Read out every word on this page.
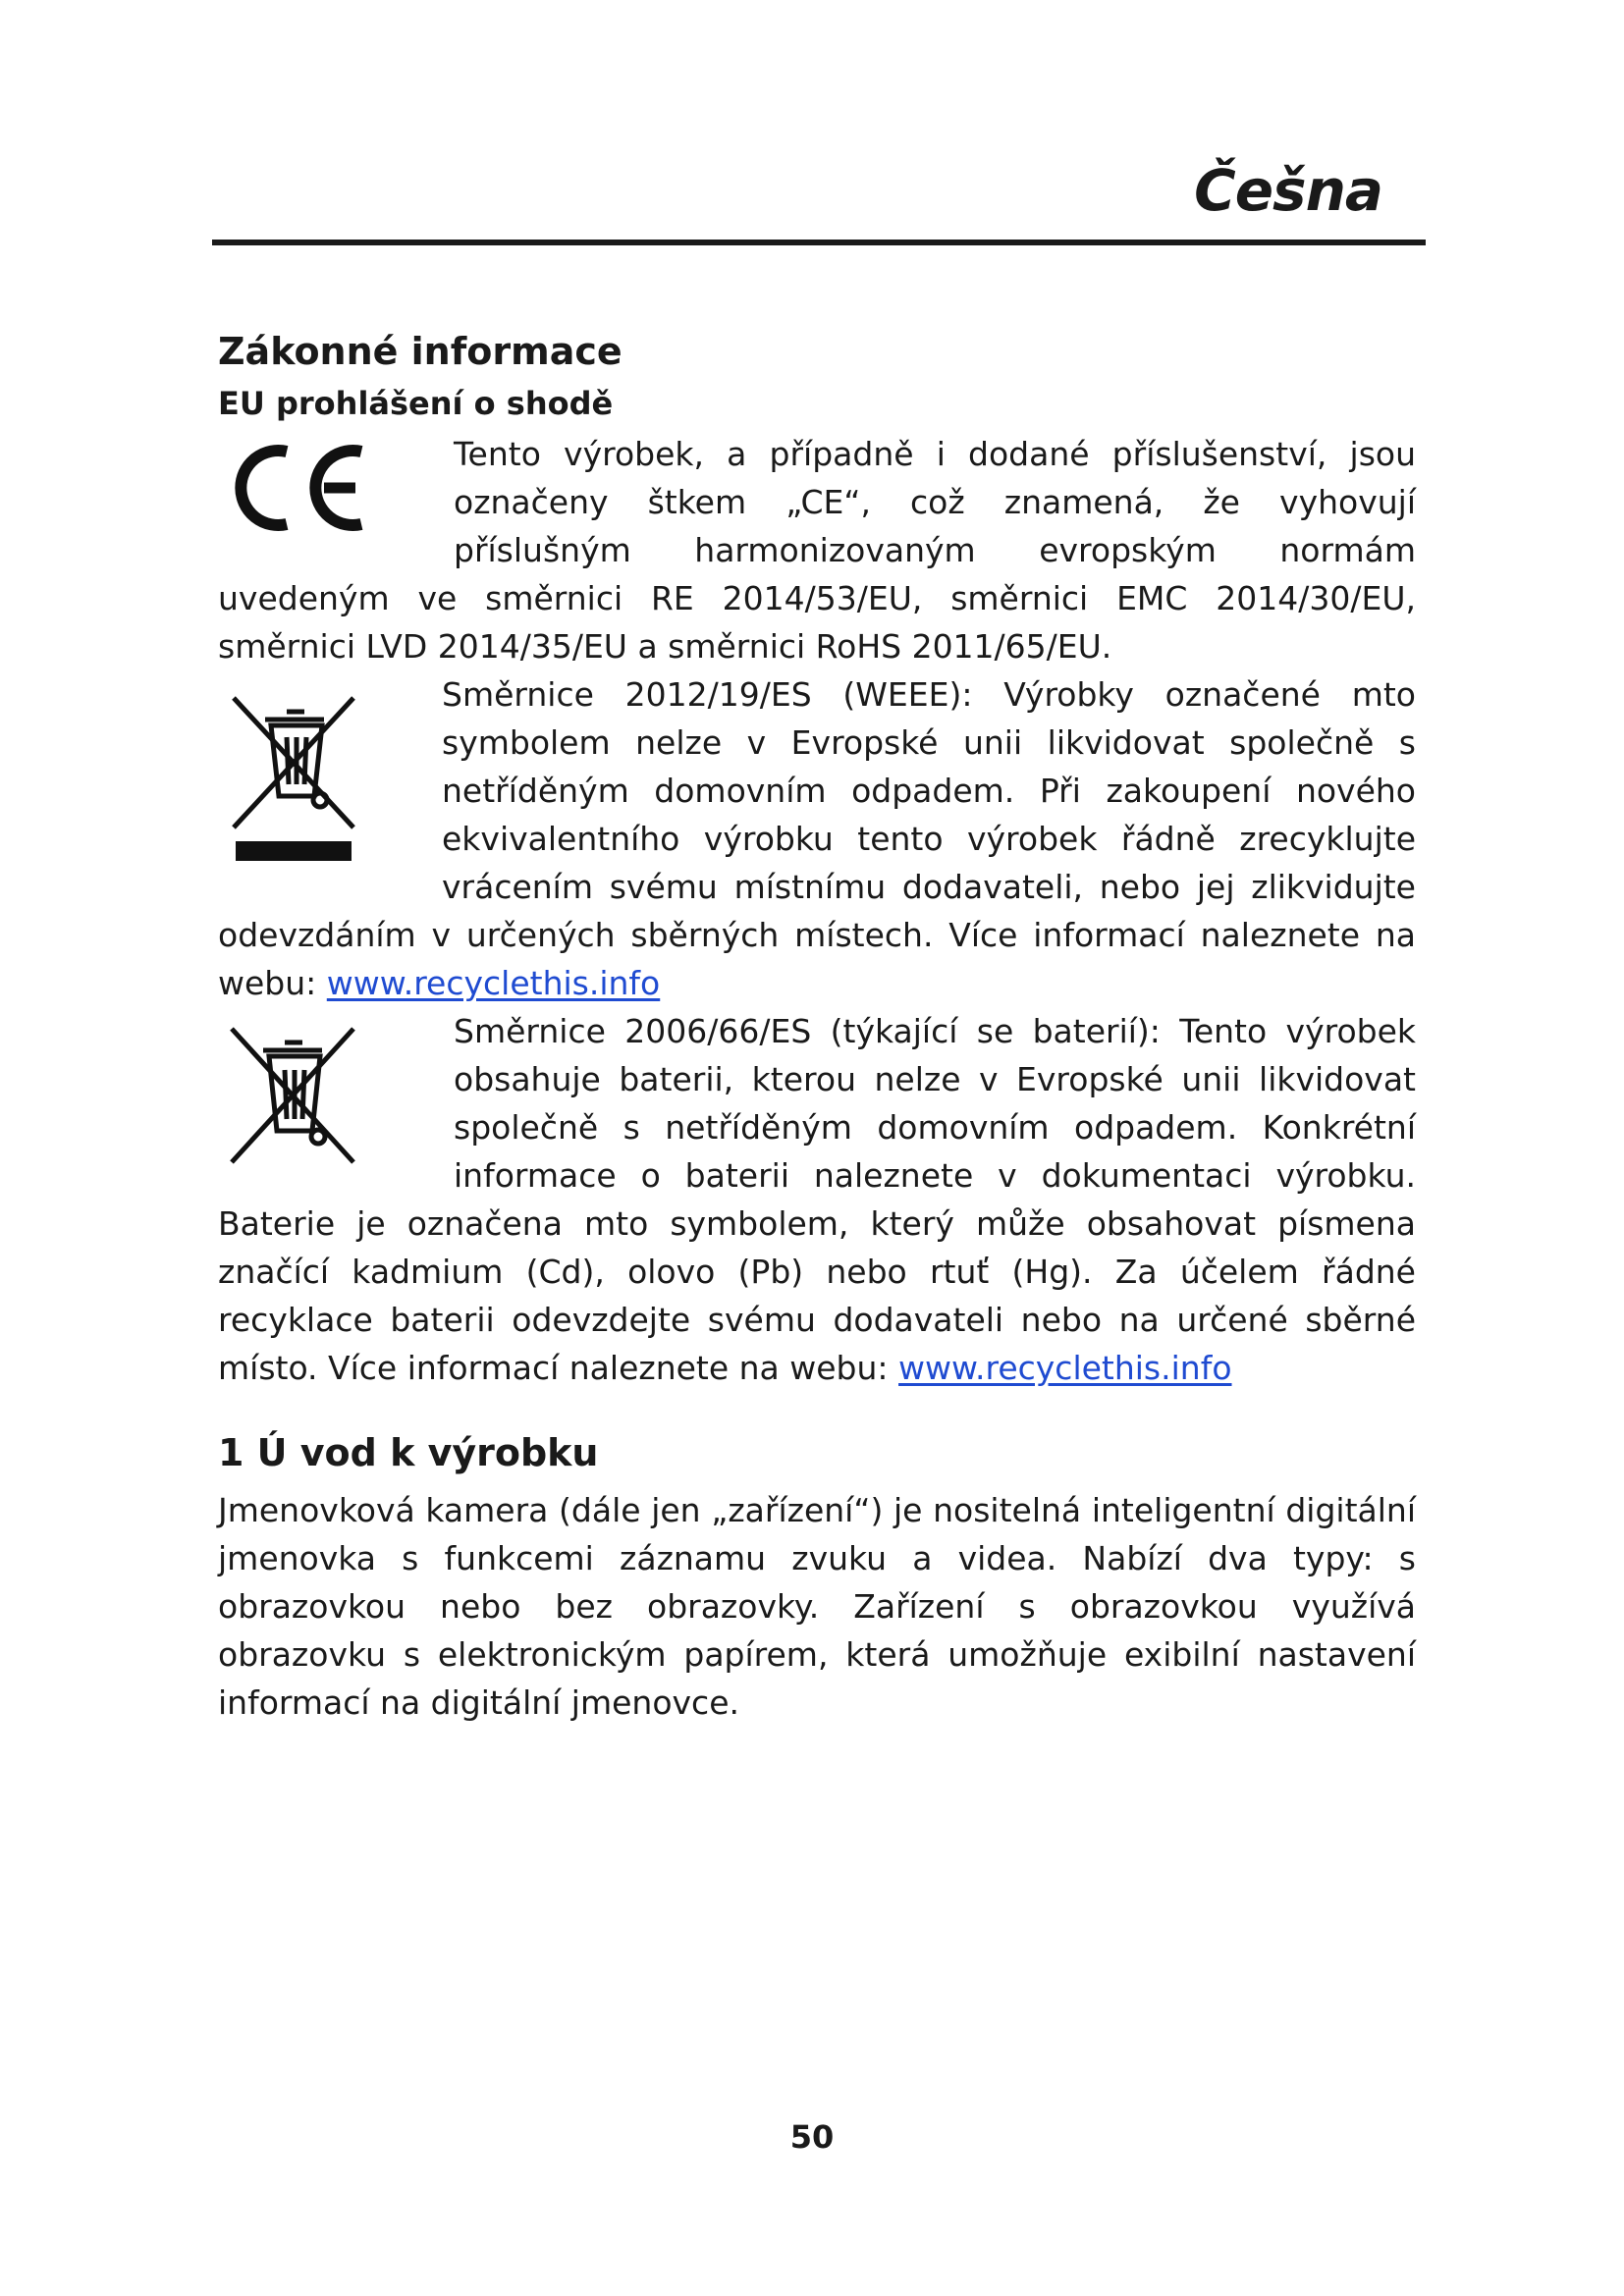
Češna
Zákonné informace
EU prohlášení o shodě

Tento výrobek, a případně i dodané příslušenství, jsou označeny štkem „CE“, což znamená, že vyhovují příslušným harmonizovaným evropským normám uvedeným ve směrnici RE 2014/53/EU, směrnici EMC 2014/30/EU, směrnici LVD 2014/35/EU a směrnici RoHS 2011/65/EU.

Směrnice 2012/19/ES (WEEE): Výrobky označené mto symbolem nelze v Evropské unii likvidovat společně s netříděným domovním odpadem. Při zakoupení nového ekvivalentního výrobku tento výrobek řádně zrecyklujte vrácením svému místnímu dodavateli, nebo jej zlikvidujte odevzdáním v určených sběrných místech. Více informací naleznete na webu: www.recyclethis.info

Směrnice 2006/66/ES (týkající se baterií): Tento výrobek obsahuje baterii, kterou nelze v Evropské unii likvidovat společně s netříděným domovním odpadem. Konkrétní informace o baterii naleznete v dokumentaci výrobku. Baterie je označena mto symbolem, který může obsahovat písmena značící kadmium (Cd), olovo (Pb) nebo rtuť (Hg). Za účelem řádné recyklace baterii odevzdejte svému dodavateli nebo na určené sběrné místo. Více informací naleznete na webu: www.recyclethis.info

1 Ú vod k výrobku

Jmenovková kamera (dále jen „zařízení“) je nositelná inteligentní digitální jmenovka s funkcemi záznamu zvuku a videa. Nabízí dva typy: s obrazovkou nebo bez obrazovky. Zařízení s obrazovkou využívá obrazovku s elektronickým papírem, která umožňuje exibilní nastavení informací na digitální jmenovce.

50
